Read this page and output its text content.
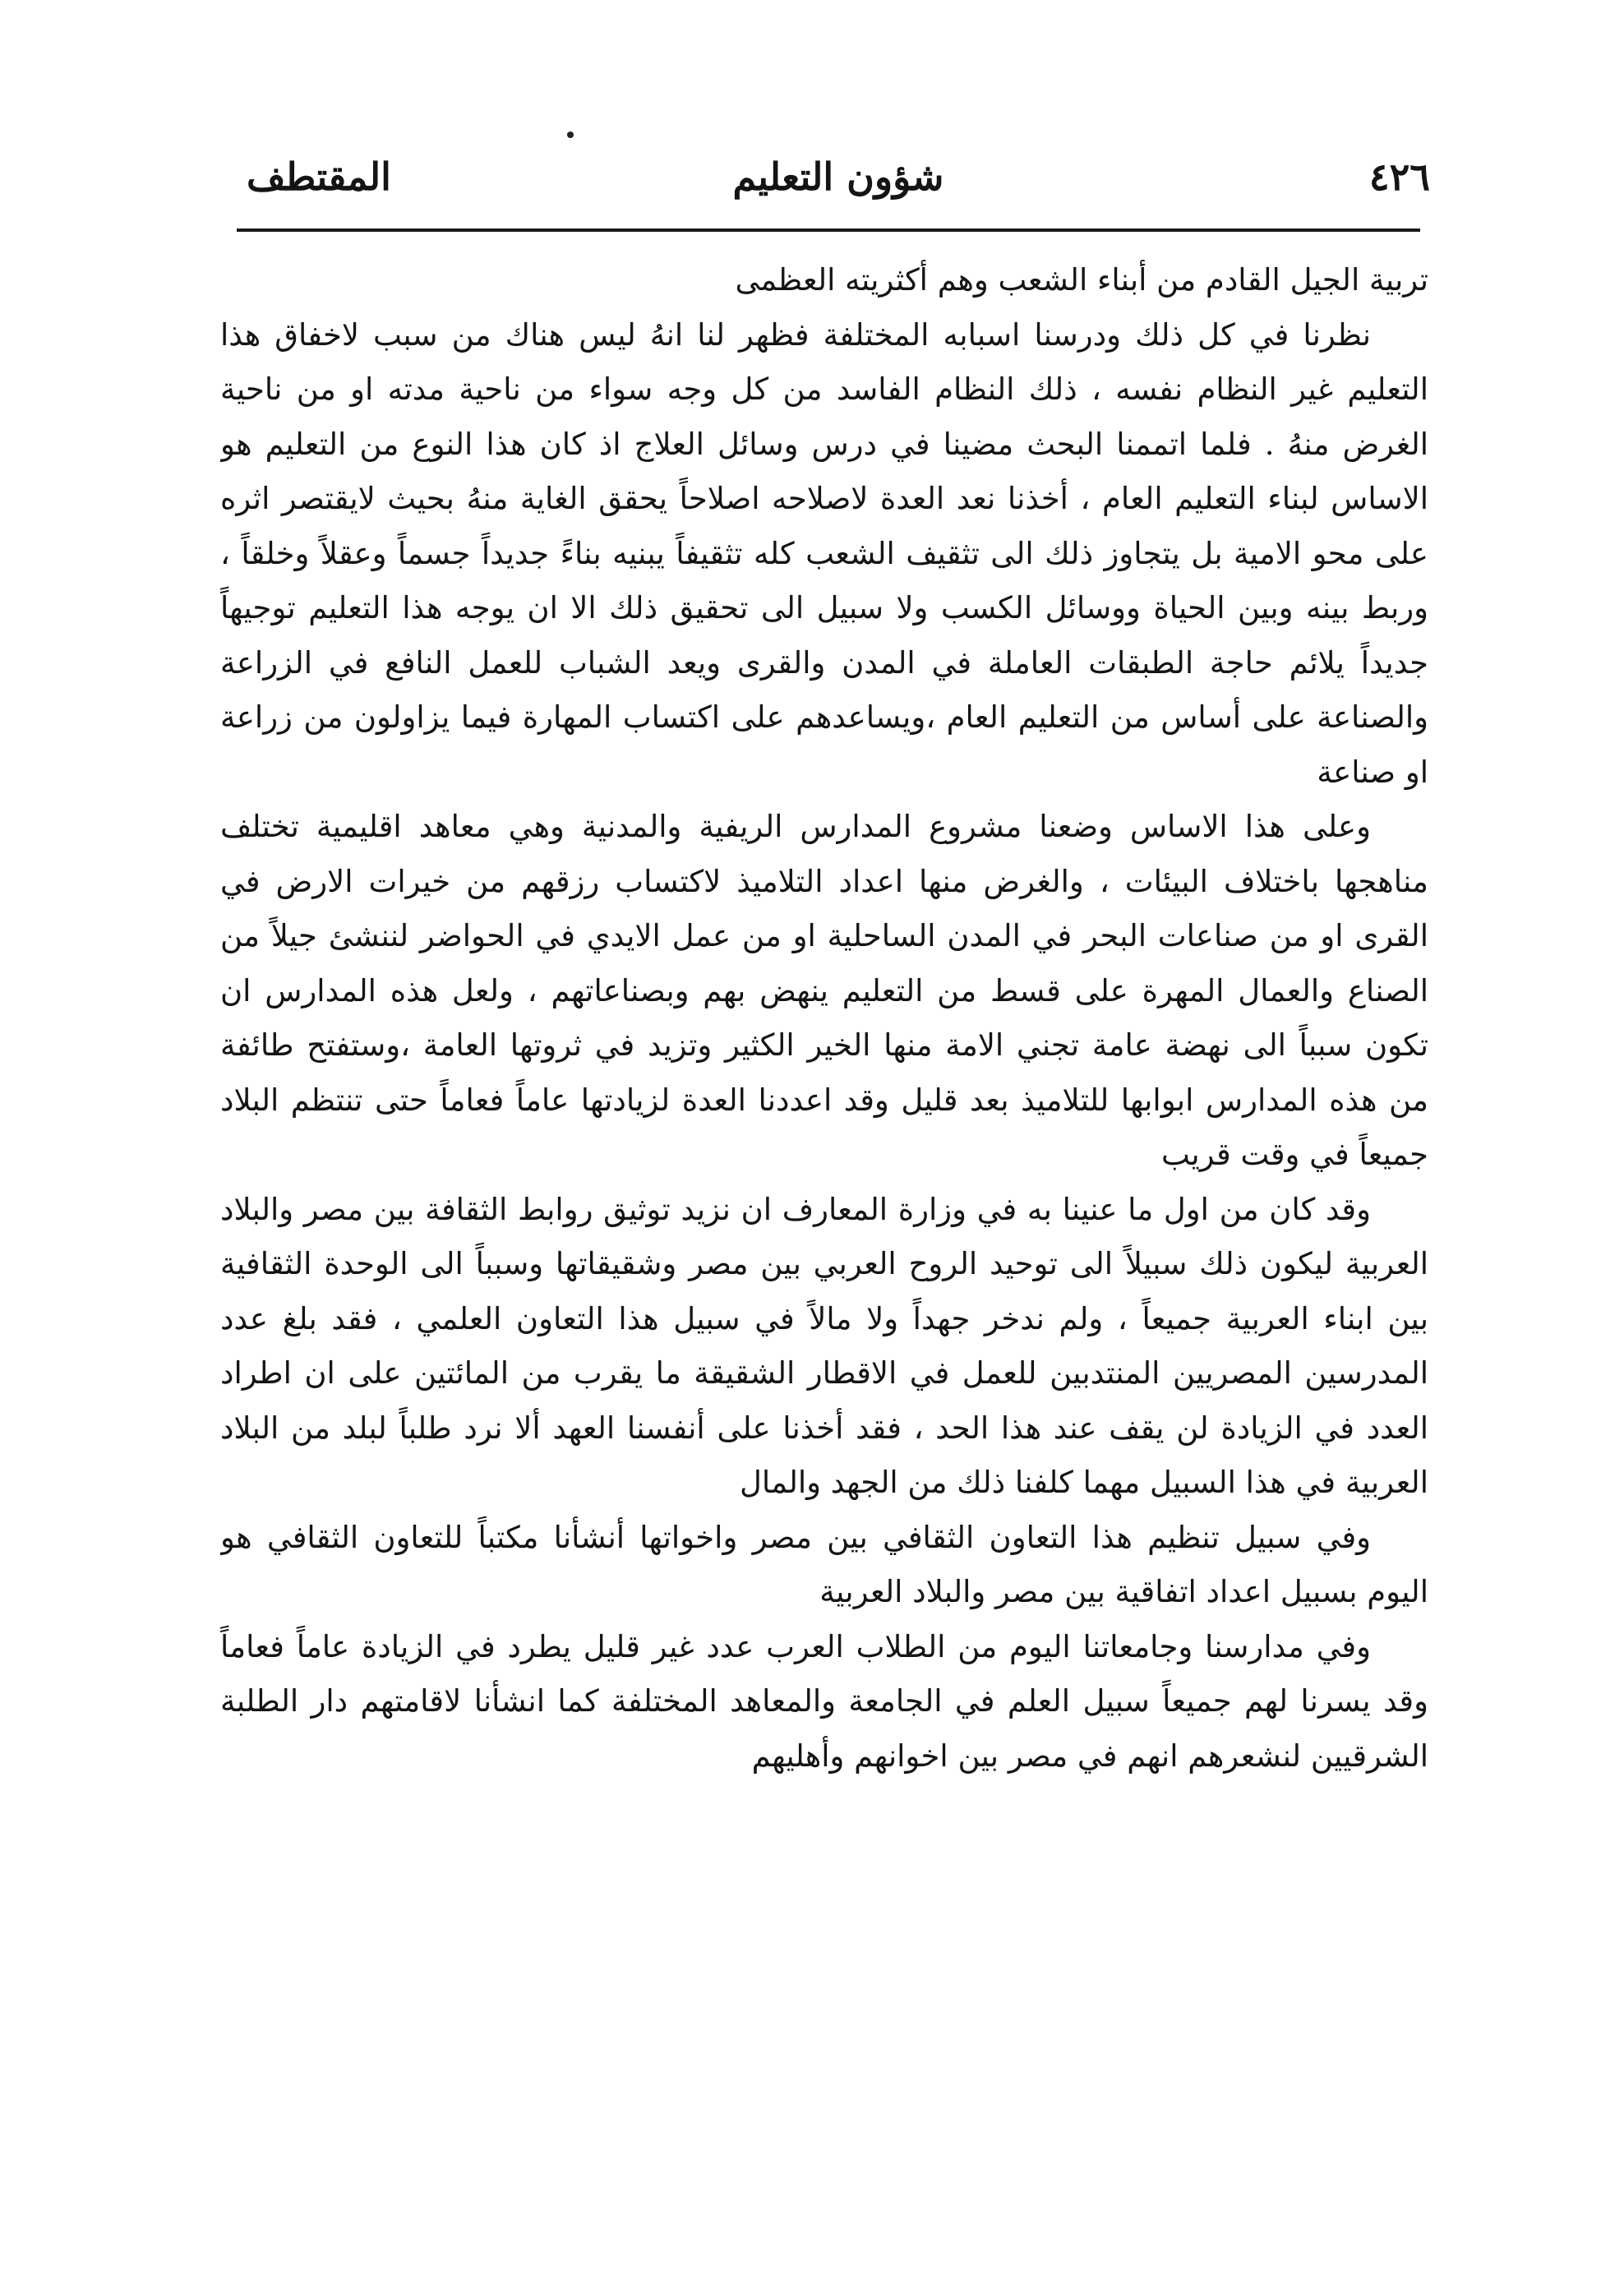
٤٢٦
شؤون التعليم
المقتطف

تربية الجيل القادم من أبناء الشعب وهم أكثريته العظمى

نظرنا في كل ذلك ودرسنا اسبابه المختلفة فظهر لنا انهُ ليس هناك من سبب لاخفاق هذا التعليم غير النظام نفسه ، ذلك النظام الفاسد من كل وجه سواء من ناحية مدته او من ناحية الغرض منهُ . فلما اتممنا البحث مضينا في درس وسائل العلاج اذ كان هذا النوع من التعليم هو الاساس لبناء التعليم العام ، أخذنا نعد العدة لاصلاحه اصلاحاً يحقق الغاية منهُ بحيث لايقتصر اثره على محو الامية بل يتجاوز ذلك الى تثقيف الشعب كله تثقيفاً يبنيه بناءً جديداً جسماً وعقلاً وخلقاً ، وربط بينه وبين الحياة ووسائل الكسب ولا سبيل الى تحقيق ذلك الا ان يوجه هذا التعليم توجيهاً جديداً يلائم حاجة الطبقات العاملة في المدن والقرى ويعد الشباب للعمل النافع في الزراعة والصناعة على أساس من التعليم العام ،ويساعدهم على اكتساب المهارة فيما يزاولون من زراعة او صناعة

وعلى هذا الاساس وضعنا مشروع المدارس الريفية والمدنية وهي معاهد اقليمية تختلف مناهجها باختلاف البيئات ، والغرض منها اعداد التلاميذ لاكتساب رزقهم من خيرات الارض في القرى او من صناعات البحر في المدن الساحلية او من عمل الايدي في الحواضر لننشئ جيلاً من الصناع والعمال المهرة على قسط من التعليم ينهض بهم وبصناعاتهم ، ولعل هذه المدارس ان تكون سبباً الى نهضة عامة تجني الامة منها الخير الكثير وتزيد في ثروتها العامة ،وستفتح طائفة من هذه المدارس ابوابها للتلاميذ بعد قليل وقد اعددنا العدة لزيادتها عاماً فعاماً حتى تنتظم البلاد جميعاً في وقت قريب

وقد كان من اول ما عنينا به في وزارة المعارف ان نزيد توثيق روابط الثقافة بين مصر والبلاد العربية ليكون ذلك سبيلاً الى توحيد الروح العربي بين مصر وشقيقاتها وسبباً الى الوحدة الثقافية بين ابناء العربية جميعاً ، ولم ندخر جهداً ولا مالاً في سبيل هذا التعاون العلمي ، فقد بلغ عدد المدرسين المصريين المنتدبين للعمل في الاقطار الشقيقة ما يقرب من المائتين على ان اطراد العدد في الزيادة لن يقف عند هذا الحد ، فقد أخذنا على أنفسنا العهد ألا نرد طلباً لبلد من البلاد العربية في هذا السبيل مهما كلفنا ذلك من الجهد والمال

وفي سبيل تنظيم هذا التعاون الثقافي بين مصر واخواتها أنشأنا مكتباً للتعاون الثقافي هو اليوم بسبيل اعداد اتفاقية بين مصر والبلاد العربية

وفي مدارسنا وجامعاتنا اليوم من الطلاب العرب عدد غير قليل يطرد في الزيادة عاماً فعاماً وقد يسرنا لهم جميعاً سبيل العلم في الجامعة والمعاهد المختلفة كما انشأنا لاقامتهم دار الطلبة الشرقيين لنشعرهم انهم في مصر بين اخوانهم وأهليهم
